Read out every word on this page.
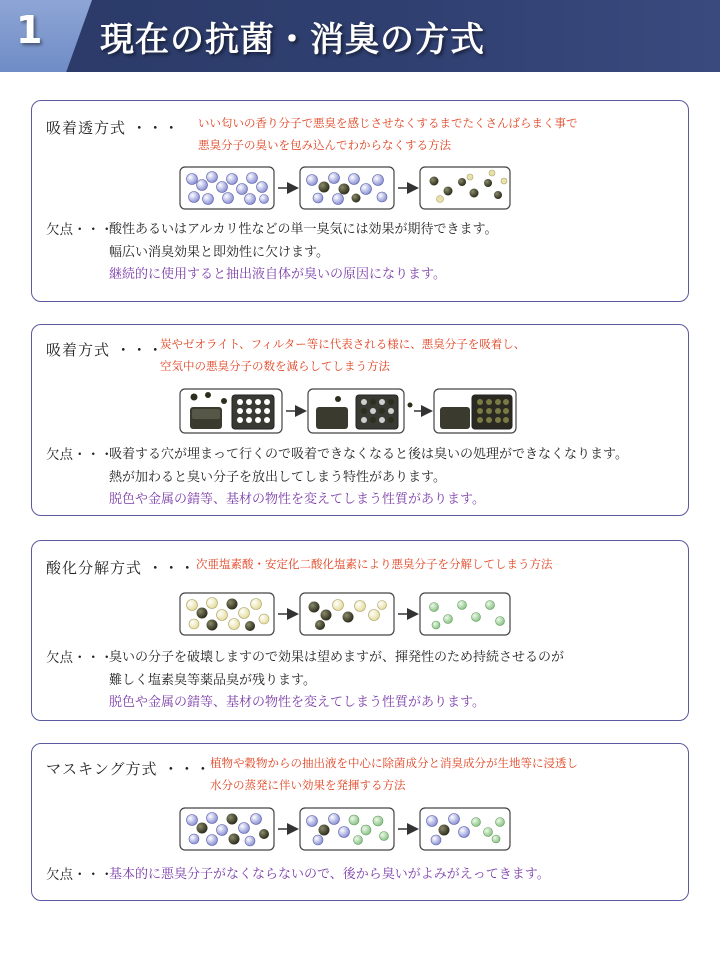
1 現在の抗菌・消臭の方式
吸着透方式 ・・・ いい匂いの香り分子で悪臭を感じさせなくするまでたくさんばらまく事で
悪臭分子の臭いを包み込んでわからなくする方法
欠点・・・
酸性あるいはアルカリ性などの単一臭気には効果が期待できます。
幅広い消臭効果と即効性に欠けます。
継続的に使用すると抽出液自体が臭いの原因になります。
吸着方式 ・・・
炭やゼオライト、フィルター等に代表される様に、悪臭分子を吸着し、
空気中の悪臭分子の数を減らしてしまう方法
欠点・・・
吸着する穴が埋まって行くので吸着できなくなると後は臭いの処理ができなくなります。
熱が加わると臭い分子を放出してしまう特性があります。
脱色や金属の錆等、基材の物性を変えてしまう性質があります。
酸化分解方式 ・・・ 次亜塩素酸・安定化二酸化塩素により悪臭分子を分解してしまう方法
欠点・・・
臭いの分子を破壊しますので効果は望めますが、揮発性のため持続させるのが
難しく塩素臭等薬品臭が残ります。
脱色や金属の錆等、基材の物性を変えてしまう性質があります。
マスキング方式 ・・・
植物や穀物からの抽出液を中心に除菌成分と消臭成分が生地等に浸透し
水分の蒸発に伴い効果を発揮する方法
欠点・・・
基本的に悪臭分子がなくならないので、後から臭いがよみがえってきます。
